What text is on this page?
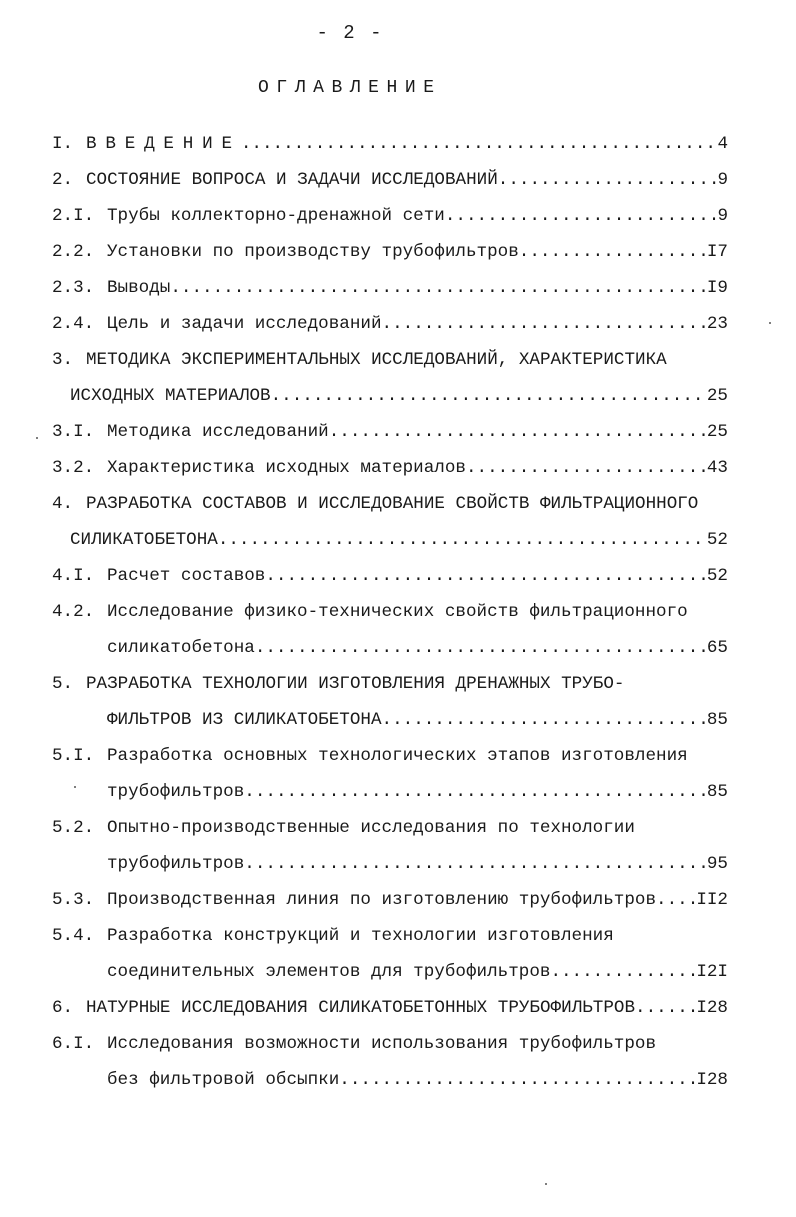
- 2 -
ОГЛАВЛЕНИЕ
I. ВВЕДЕНИЕ .....	4
2. СОСТОЯНИЕ ВОПРОСА И ЗАДАЧИ ИССЛЕДОВАНИЙ .....	9
2.I. Трубы коллекторно-дренажной сети .....	9
2.2. Установки по производству трубофильтров .....	I7
2.3. Выводы .....	I9
2.4. Цель и задачи исследований .....	23
3. МЕТОДИКА ЭКСПЕРИМЕНТАЛЬНЫХ ИССЛЕДОВАНИЙ, ХАРАКТЕРИСТИКА
ИСХОДНЫХ МАТЕРИАЛОВ .....	25
3.I. Методика исследований .....	25
3.2. Характеристика исходных материалов .....	43
4. РАЗРАБОТКА СОСТАВОВ И ИССЛЕДОВАНИЕ СВОЙСТВ ФИЛЬТРАЦИОННОГО
СИЛИКАТОБЕТОНА .....	52
4.I. Расчет составов .....	52
4.2. Исследование физико-технических свойств фильтрационного
силикатобетона .....	65
5. РАЗРАБОТКА ТЕХНОЛОГИИ ИЗГОТОВЛЕНИЯ ДРЕНАЖНЫХ ТРУБО-
ФИЛЬТРОВ ИЗ СИЛИКАТОБЕТОНА .....	85
5.I. Разработка основных технологических этапов изготовления
трубофильтров .....	85
5.2. Опытно-производственные исследования по технологии
трубофильтров .....	95
5.3. Производственная линия по изготовлению трубофильтров. ..... II2
5.4. Разработка конструкций и технологии изготовления
соединительных элементов для трубофильтров .....	I2I
6. НАТУРНЫЕ ИССЛЕДОВАНИЯ СИЛИКАТОБЕТОННЫХ ТРУБОФИЛЬТРОВ .....	I28
6.I. Исследования возможности использования трубофильтров
без фильтровой обсыпки .....	I28
